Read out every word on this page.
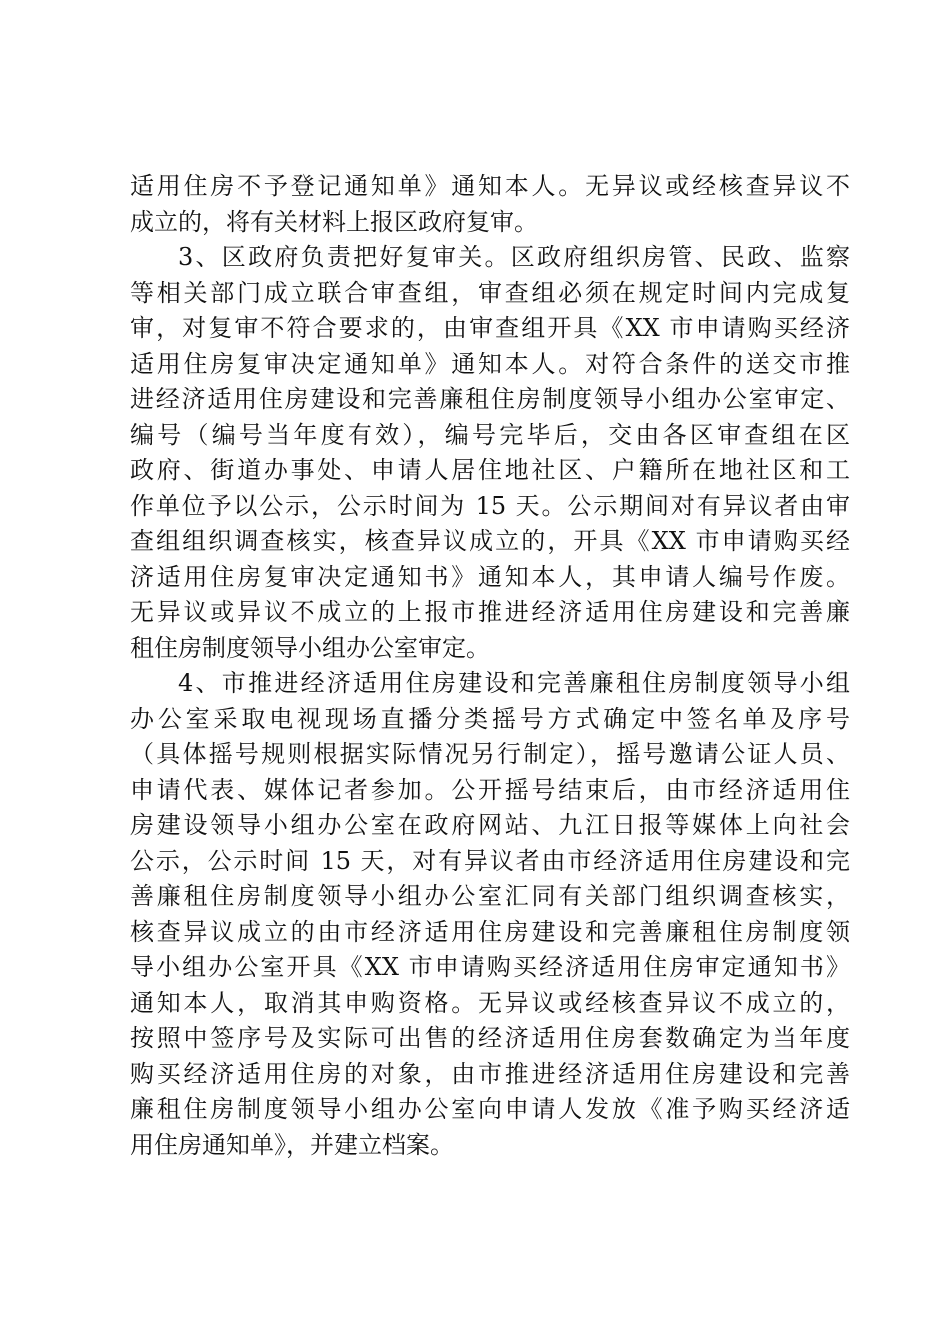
适用住房不予登记通知单》通知本人。无异议或经核查异议不
成立的，将有关材料上报区政府复审。
3、区政府负责把好复审关。区政府组织房管、民政、监察
等相关部门成立联合审查组，审查组必须在规定时间内完成复
审，对复审不符合要求的，由审查组开具《XX 市申请购买经济
适用住房复审决定通知单》通知本人。对符合条件的送交市推
进经济适用住房建设和完善廉租住房制度领导小组办公室审定、
编号（编号当年度有效），编号完毕后，交由各区审查组在区
政府、街道办事处、申请人居住地社区、户籍所在地社区和工
作单位予以公示，公示时间为 15 天。公示期间对有异议者由审
查组组织调查核实，核查异议成立的，开具《XX 市申请购买经
济适用住房复审决定通知书》通知本人，其申请人编号作废。
无异议或异议不成立的上报市推进经济适用住房建设和完善廉
租住房制度领导小组办公室审定。
4、市推进经济适用住房建设和完善廉租住房制度领导小组
办公室采取电视现场直播分类摇号方式确定中签名单及序号
（具体摇号规则根据实际情况另行制定），摇号邀请公证人员、
申请代表、媒体记者参加。公开摇号结束后，由市经济适用住
房建设领导小组办公室在政府网站、九江日报等媒体上向社会
公示，公示时间 15 天，对有异议者由市经济适用住房建设和完
善廉租住房制度领导小组办公室汇同有关部门组织调查核实，
核查异议成立的由市经济适用住房建设和完善廉租住房制度领
导小组办公室开具《XX 市申请购买经济适用住房审定通知书》
通知本人，取消其申购资格。无异议或经核查异议不成立的，
按照中签序号及实际可出售的经济适用住房套数确定为当年度
购买经济适用住房的对象，由市推进经济适用住房建设和完善
廉租住房制度领导小组办公室向申请人发放《准予购买经济适
用住房通知单》，并建立档案。
